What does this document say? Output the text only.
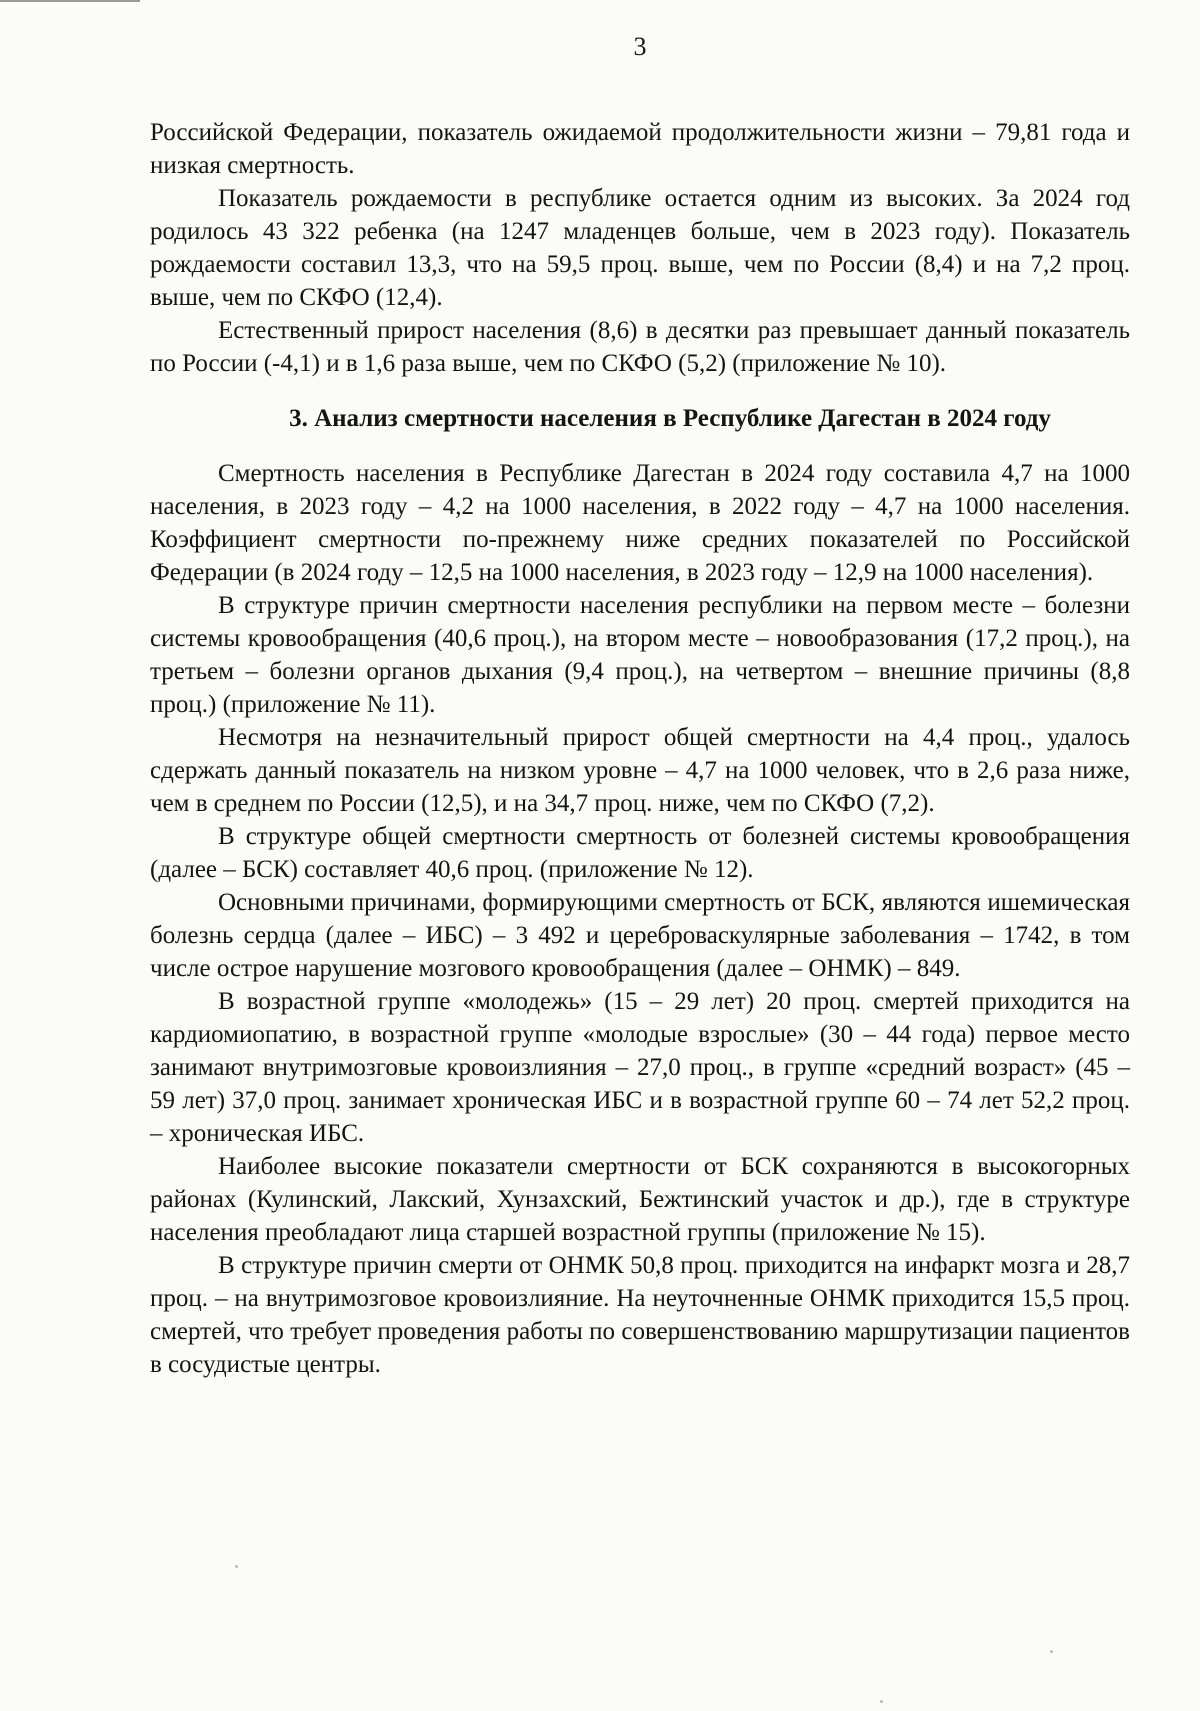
3

Российской Федерации, показатель ожидаемой продолжительности жизни – 79,81 года и низкая смертность.

Показатель рождаемости в республике остается одним из высоких. За 2024 год родилось 43 322 ребенка (на 1247 младенцев больше, чем в 2023 году). Показатель рождаемости составил 13,3, что на 59,5 проц. выше, чем по России (8,4) и на 7,2 проц. выше, чем по СКФО (12,4).

Естественный прирост населения (8,6) в десятки раз превышает данный показатель по России (-4,1) и в 1,6 раза выше, чем по СКФО (5,2) (приложение № 10).

3. Анализ смертности населения в Республике Дагестан в 2024 году

Смертность населения в Республике Дагестан в 2024 году составила 4,7 на 1000 населения, в 2023 году – 4,2 на 1000 населения, в 2022 году – 4,7 на 1000 населения. Коэффициент смертности по-прежнему ниже средних показателей по Российской Федерации (в 2024 году – 12,5 на 1000 населения, в 2023 году – 12,9 на 1000 населения).

В структуре причин смертности населения республики на первом месте – болезни системы кровообращения (40,6 проц.), на втором месте – новообразования (17,2 проц.), на третьем – болезни органов дыхания (9,4 проц.), на четвертом – внешние причины (8,8 проц.) (приложение № 11).

Несмотря на незначительный прирост общей смертности на 4,4 проц., удалось сдержать данный показатель на низком уровне – 4,7 на 1000 человек, что в 2,6 раза ниже, чем в среднем по России (12,5), и на 34,7 проц. ниже, чем по СКФО (7,2).

В структуре общей смертности смертность от болезней системы кровообращения (далее – БСК) составляет 40,6 проц. (приложение № 12).

Основными причинами, формирующими смертность от БСК, являются ишемическая болезнь сердца (далее – ИБС) – 3 492 и цереброваскулярные заболевания – 1742, в том числе острое нарушение мозгового кровообращения (далее – ОНМК) – 849.

В возрастной группе «молодежь» (15 – 29 лет) 20 проц. смертей приходится на кардиомиопатию, в возрастной группе «молодые взрослые» (30 – 44 года) первое место занимают внутримозговые кровоизлияния – 27,0 проц., в группе «средний возраст» (45 – 59 лет) 37,0 проц. занимает хроническая ИБС и в возрастной группе 60 – 74 лет 52,2 проц. – хроническая ИБС.

Наиболее высокие показатели смертности от БСК сохраняются в высокогорных районах (Кулинский, Лакский, Хунзахский, Бежтинский участок и др.), где в структуре населения преобладают лица старшей возрастной группы (приложение № 15).

В структуре причин смерти от ОНМК 50,8 проц. приходится на инфаркт мозга и 28,7 проц. – на внутримозговое кровоизлияние. На неуточненные ОНМК приходится 15,5 проц. смертей, что требует проведения работы по совершенствованию маршрутизации пациентов в сосудистые центры.
